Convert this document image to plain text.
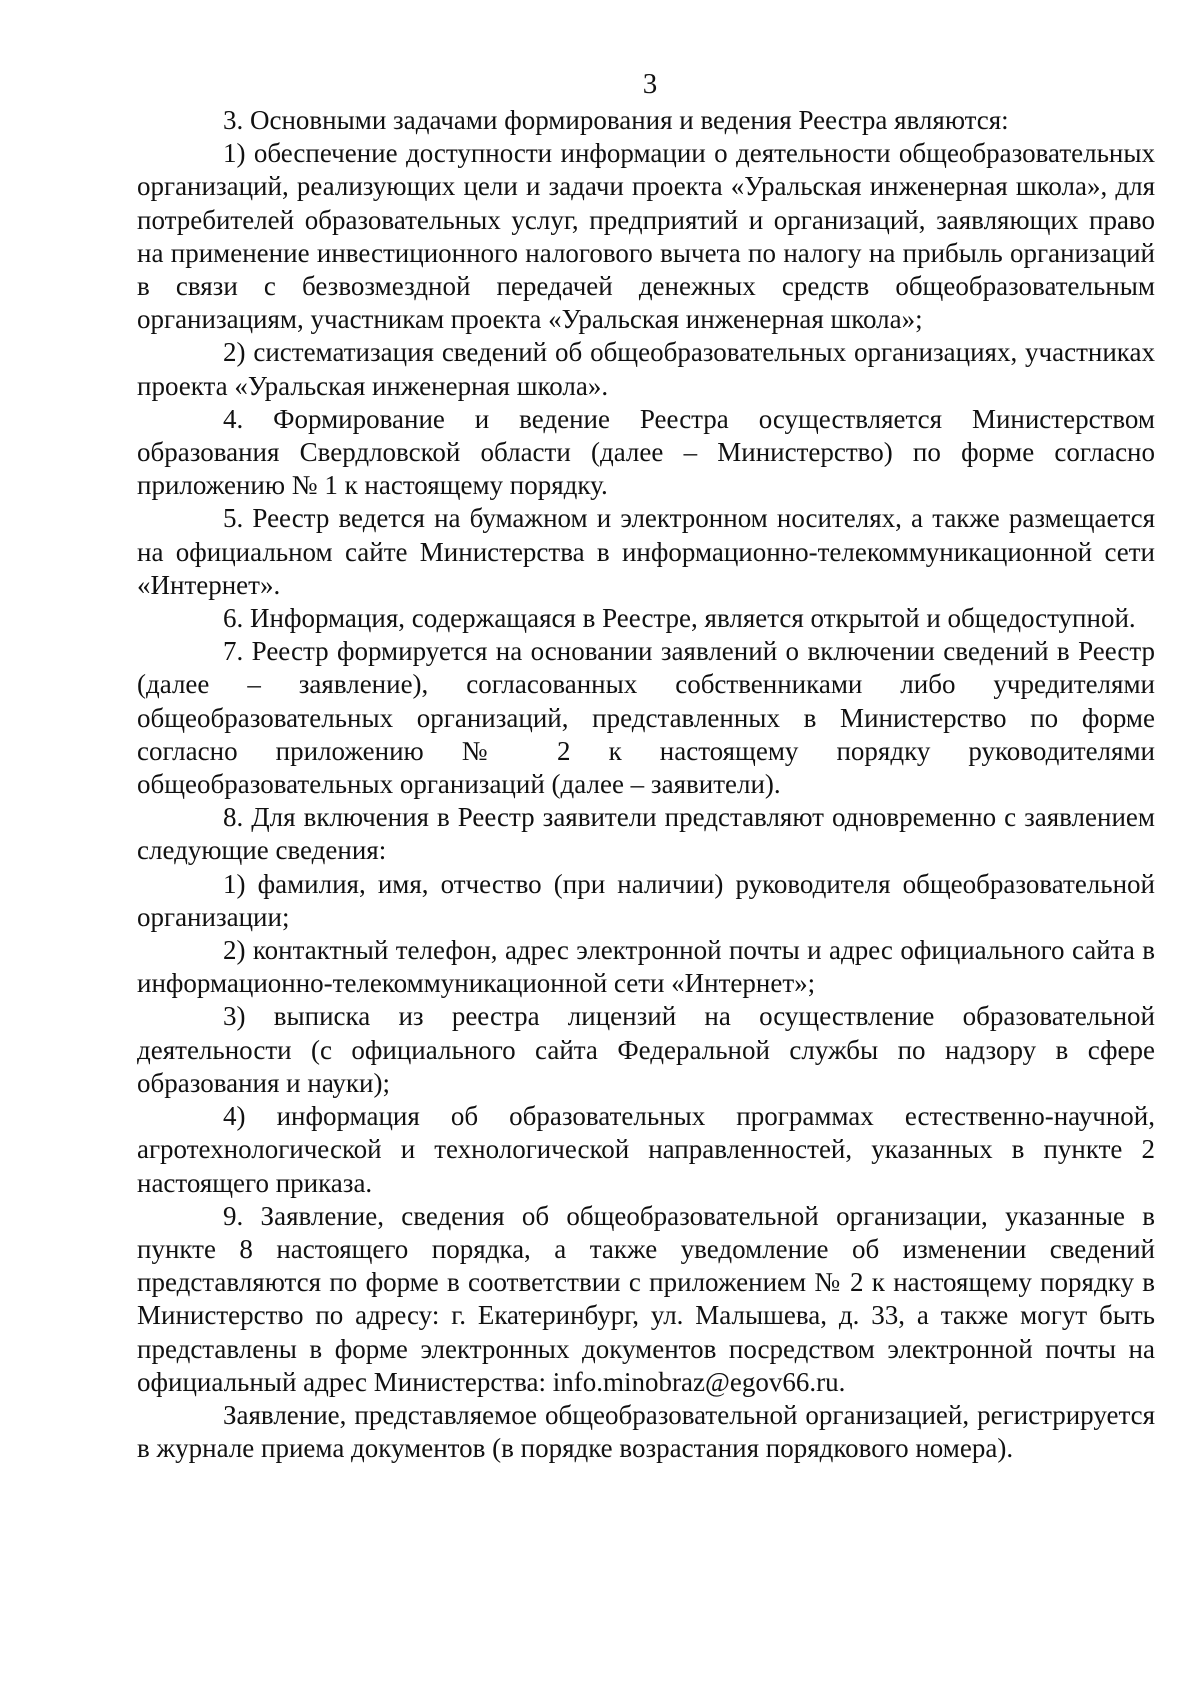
3

3. Основными задачами формирования и ведения Реестра являются:

1) обеспечение доступности информации о деятельности общеобразовательных организаций, реализующих цели и задачи проекта «Уральская инженерная школа», для потребителей образовательных услуг, предприятий и организаций, заявляющих право на применение инвестиционного налогового вычета по налогу на прибыль организаций в связи с безвозмездной передачей денежных средств общеобразовательным организациям, участникам проекта «Уральская инженерная школа»;

2) систематизация сведений об общеобразовательных организациях, участниках проекта «Уральская инженерная школа».

4. Формирование и ведение Реестра осуществляется Министерством образования Свердловской области (далее – Министерство) по форме согласно приложению № 1 к настоящему порядку.

5. Реестр ведется на бумажном и электронном носителях, а также размещается на официальном сайте Министерства в информационно-телекоммуникационной сети «Интернет».

6. Информация, содержащаяся в Реестре, является открытой и общедоступной.

7. Реестр формируется на основании заявлений о включении сведений в Реестр (далее – заявление), согласованных собственниками либо учредителями общеобразовательных организаций, представленных в Министерство по форме согласно приложению № 2 к настоящему порядку руководителями общеобразовательных организаций (далее – заявители).

8. Для включения в Реестр заявители представляют одновременно с заявлением следующие сведения:

1) фамилия, имя, отчество (при наличии) руководителя общеобразовательной организации;

2) контактный телефон, адрес электронной почты и адрес официального сайта в информационно-телекоммуникационной сети «Интернет»;

3) выписка из реестра лицензий на осуществление образовательной деятельности (с официального сайта Федеральной службы по надзору в сфере образования и науки);

4) информация об образовательных программах естественно-научной, агротехнологической и технологической направленностей, указанных в пункте 2 настоящего приказа.

9. Заявление, сведения об общеобразовательной организации, указанные в пункте 8 настоящего порядка, а также уведомление об изменении сведений представляются по форме в соответствии с приложением № 2 к настоящему порядку в Министерство по адресу: г. Екатеринбург, ул. Малышева, д. 33, а также могут быть представлены в форме электронных документов посредством электронной почты на официальный адрес Министерства: info.minobraz@egov66.ru.

Заявление, представляемое общеобразовательной организацией, регистрируется в журнале приема документов (в порядке возрастания порядкового номера).
